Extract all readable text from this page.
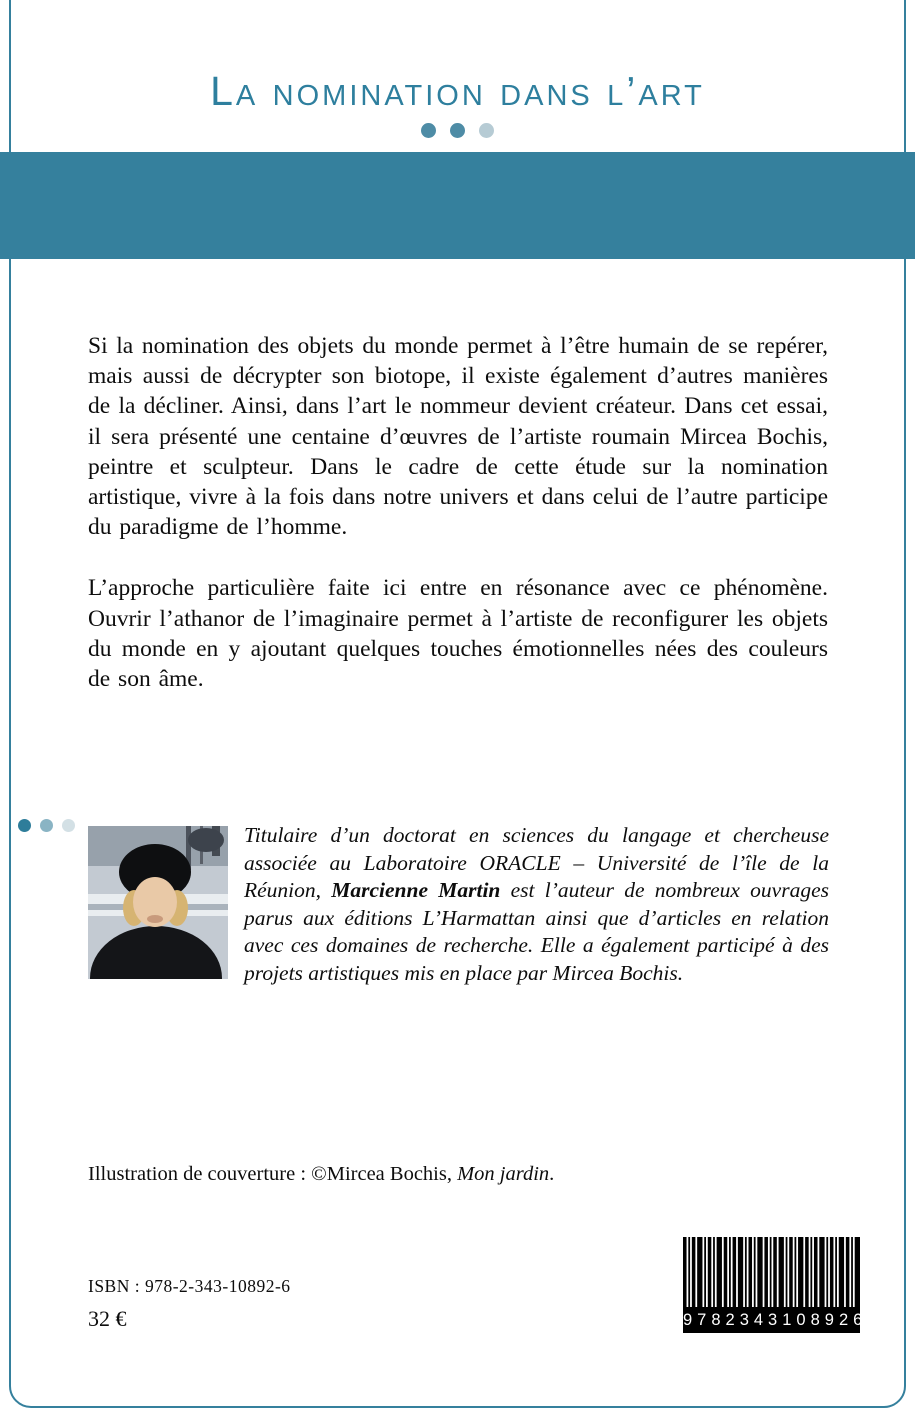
La nomination dans l’art

Si la nomination des objets du monde permet à l’être humain de se repérer, mais aussi de décrypter son biotope, il existe également d’autres manières de la décliner. Ainsi, dans l’art le nommeur devient créateur. Dans cet essai, il sera présenté une centaine d’œuvres de l’artiste roumain Mircea Bochis, peintre et sculpteur. Dans le cadre de cette étude sur la nomination artistique, vivre à la fois dans notre univers et dans celui de l’autre participe du paradigme de l’homme.

L’approche particulière faite ici entre en résonance avec ce phénomène. Ouvrir l’athanor de l’imaginaire permet à l’artiste de reconfigurer les objets du monde en y ajoutant quelques touches émotionnelles nées des couleurs de son âme.

Titulaire d’un doctorat en sciences du langage et chercheuse associée au Laboratoire ORACLE – Université de l’île de la Réunion, Marcienne Martin est l’auteur de nombreux ouvrages parus aux éditions L’Harmattan ainsi que d’articles en relation avec ces domaines de recherche. Elle a également participé à des projets artistiques mis en place par Mircea Bochis.
Illustration de couverture : ©Mircea Bochis, Mon jardin.
ISBN : 978-2-343-10892-6
32 €	9782343108926
